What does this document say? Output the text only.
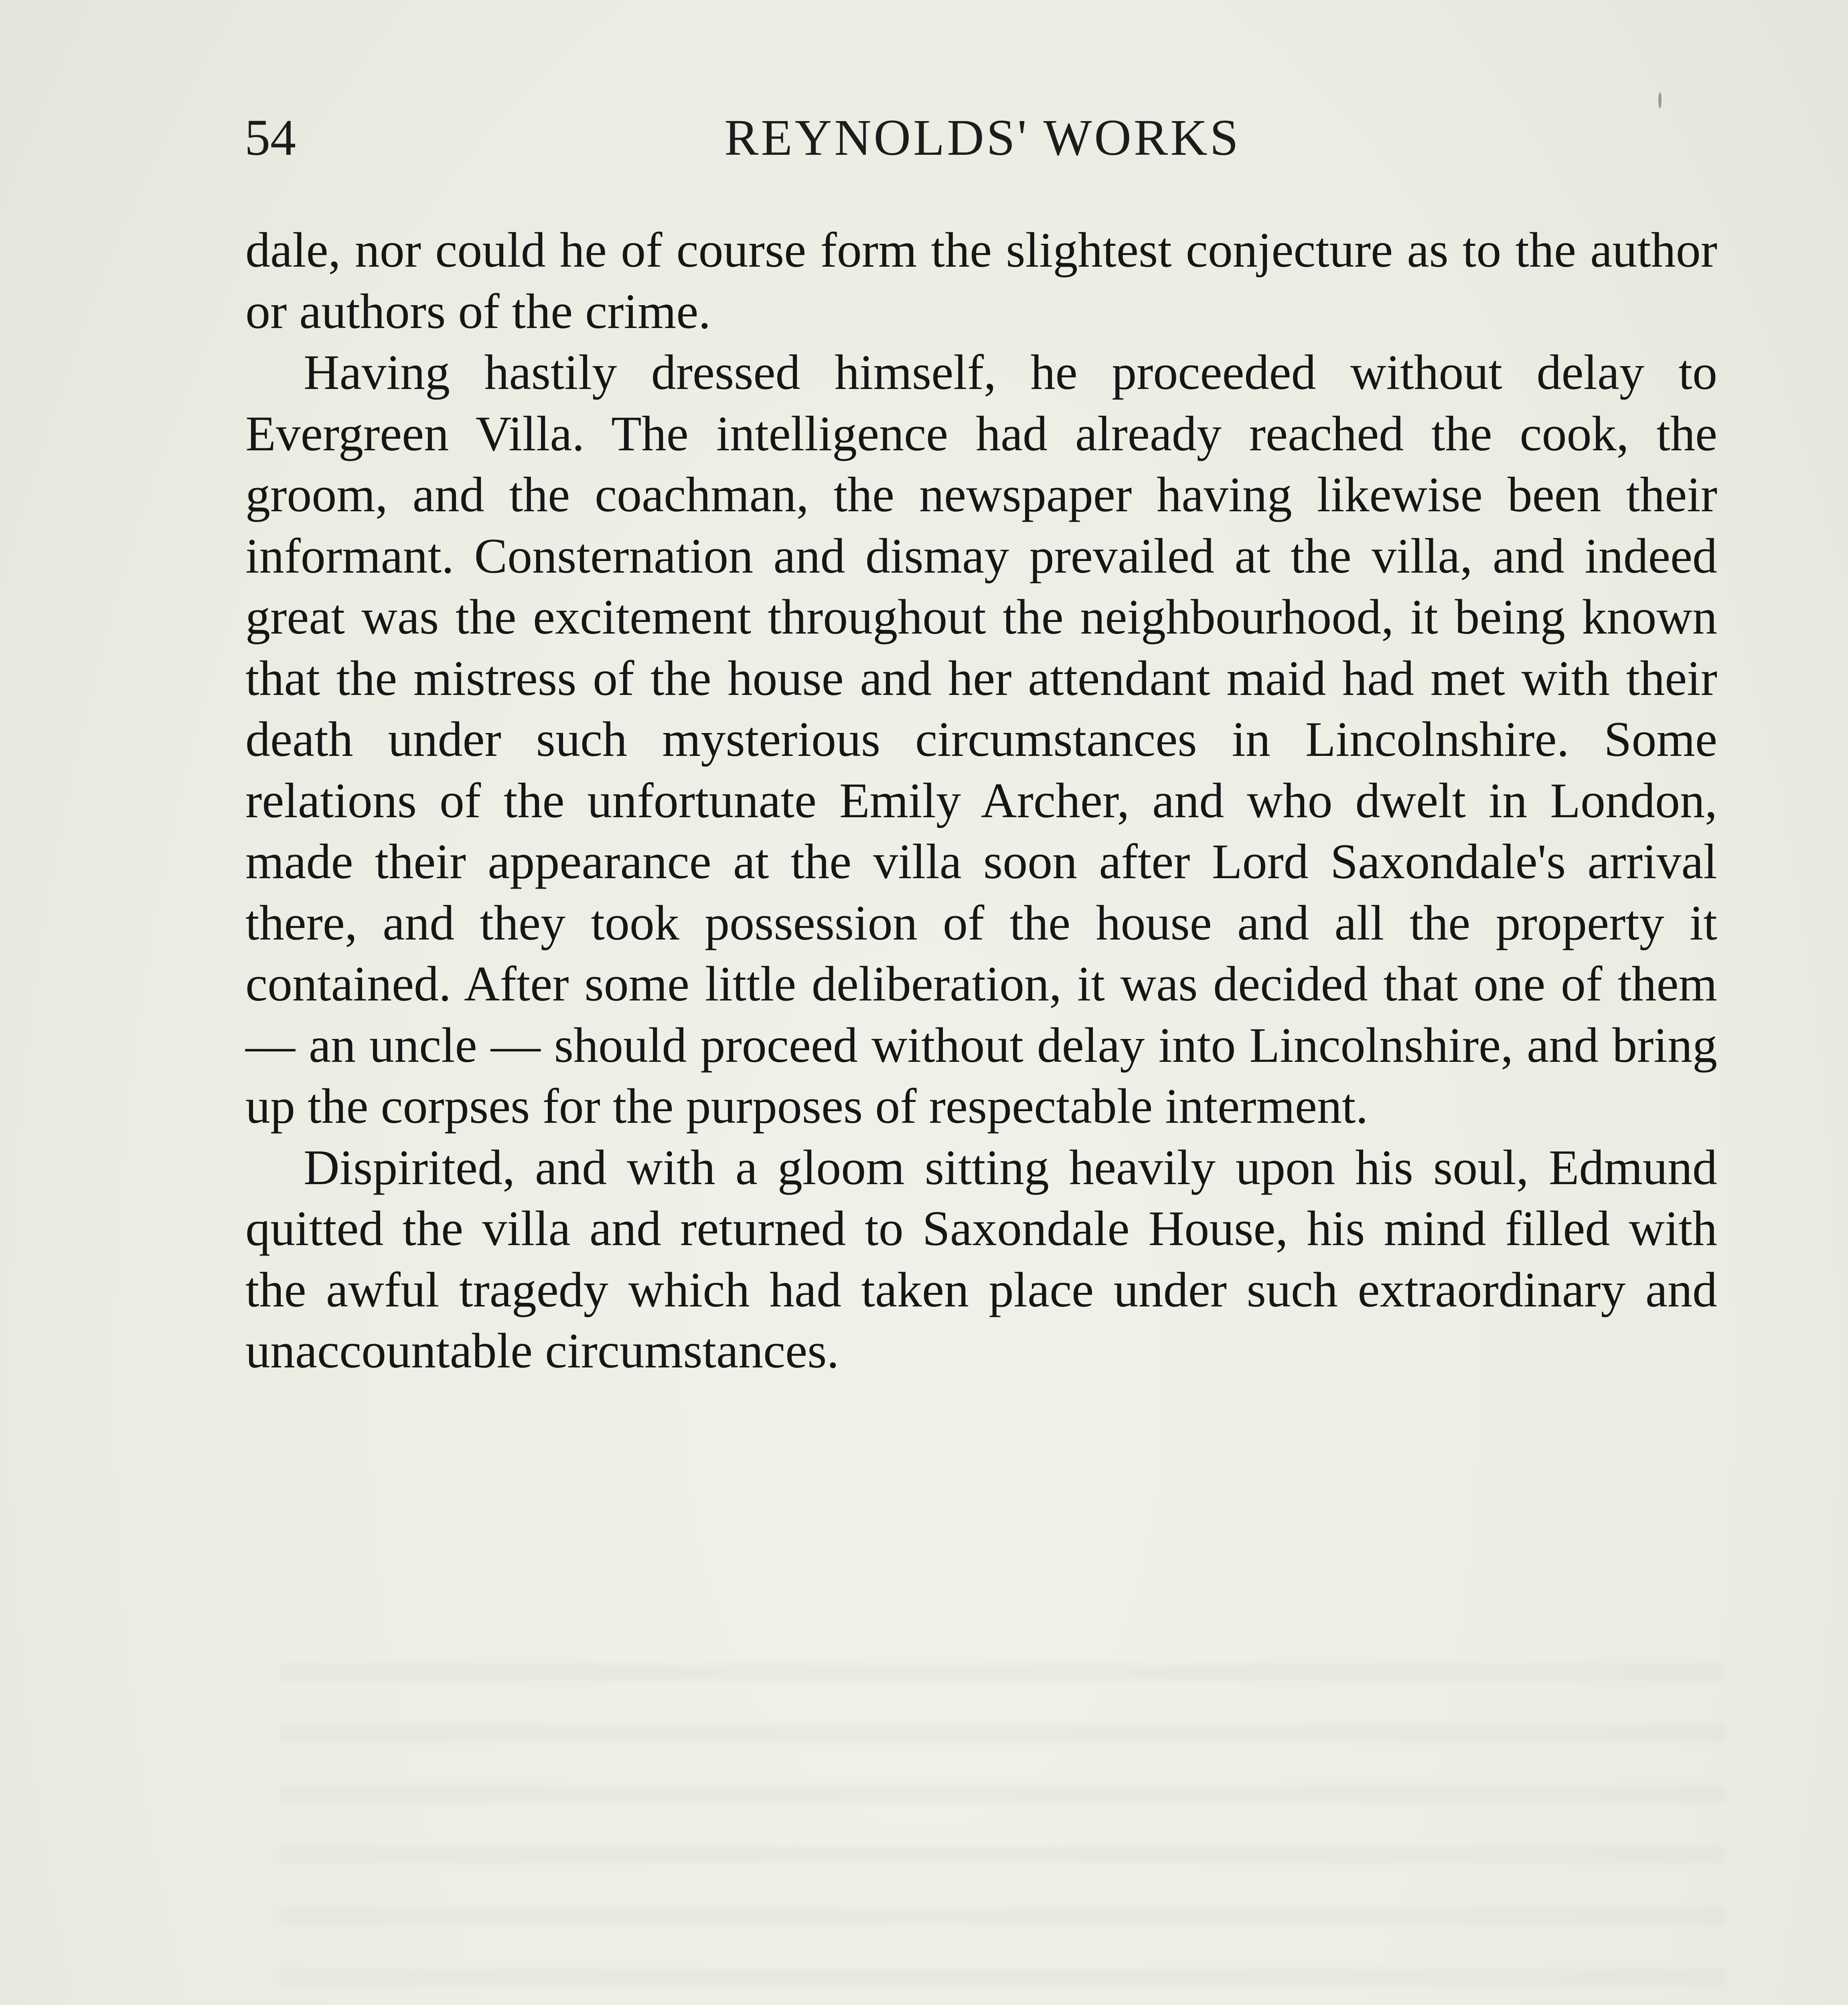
54	REYNOLDS' WORKS

dale, nor could he of course form the slightest conjecture as to the author or authors of the crime.

Having hastily dressed himself, he proceeded without delay to Evergreen Villa. The intelligence had already reached the cook, the groom, and the coachman, the newspaper having likewise been their informant. Consternation and dismay prevailed at the villa, and indeed great was the excitement throughout the neighbourhood, it being known that the mistress of the house and her attendant maid had met with their death under such mysterious circumstances in Lincolnshire. Some relations of the unfortunate Emily Archer, and who dwelt in London, made their appearance at the villa soon after Lord Saxondale's arrival there, and they took possession of the house and all the property it contained. After some little deliberation, it was decided that one of them — an uncle — should proceed without delay into Lincolnshire, and bring up the corpses for the purposes of respectable interment.

Dispirited, and with a gloom sitting heavily upon his soul, Edmund quitted the villa and returned to Saxondale House, his mind filled with the awful tragedy which had taken place under such extraordinary and unaccountable circumstances.
